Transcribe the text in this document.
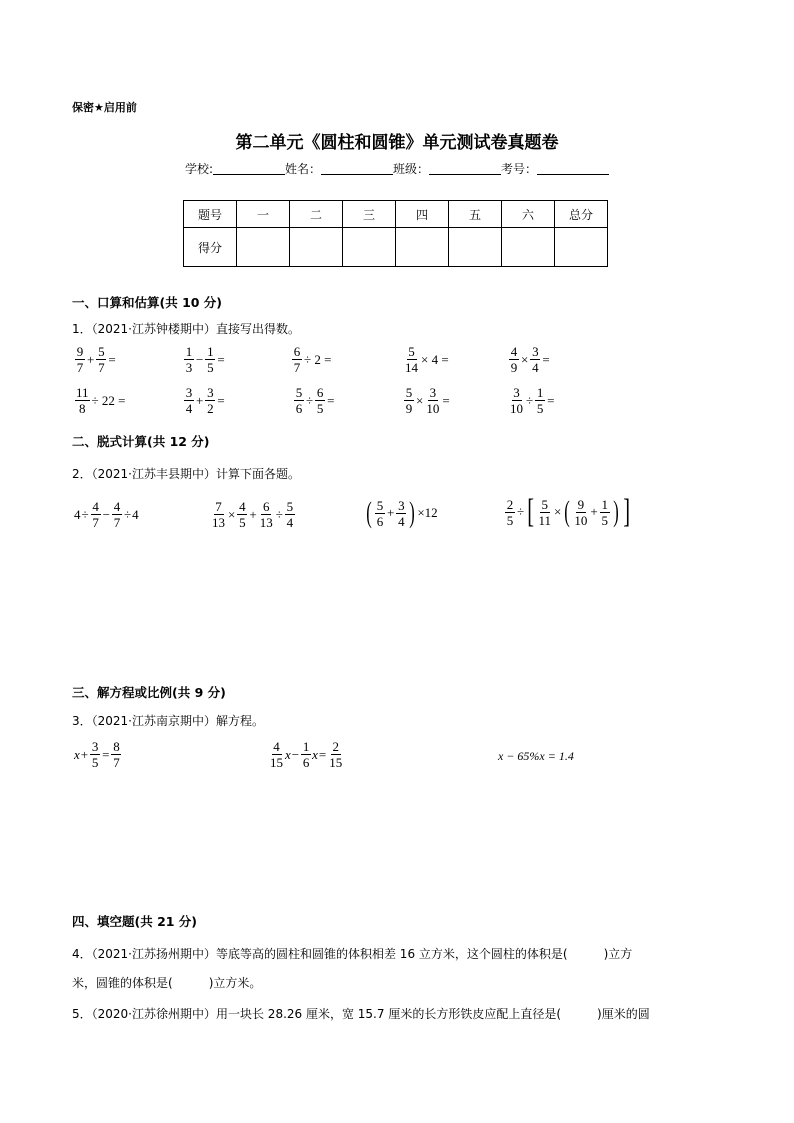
保密★启用前
第二单元《圆柱和圆锥》单元测试卷真题卷
学校:	姓名：	班级：	考号：
题号	一	二	三	四	五	六	总分
得分							
一、口算和估算(共 10 分)
1．（2021·江苏钟楼期中）直接写出得数。
9
7
+ $\frac{5}{7}$ =	1
3
− $\frac{1}{5}$ =	$\frac{6}{7} \div 2$ =	$\frac{5}{14} \times 4$ =	$\frac{4}{9} \times \frac{3}{4}$ =
$\frac{11}{8} \div 22$ =	3
4
+ $\frac{3}{2}$ =	$\frac{5}{6} \div \frac{6}{5}$ =	$\frac{5}{9} \times \frac{3}{10}$ =	$\frac{3}{10} \div \frac{1}{5}$ =
二、脱式计算(共 12 分)
2．（2021·江苏丰县期中）计算下面各题。
$4 \div \frac{4}{7} - \frac{4}{7} \div 4$	$\frac{7}{13} \times \frac{4}{5} + \frac{6}{13} \div \frac{5}{4}$ ( 5
6
+ $\frac{3}{4}$ ) ×12	$\frac{2}{5}$ ÷ [ $\frac{5}{11}$ × ( 9
10
+ $\frac{1}{5}$ ) ]
三、解方程或比例(共 9 分)
3．（2021·江苏南京期中）解方程。
$x + \frac{3}{5} = \frac{8}{7}$	4
15
$x - \frac{1}{6}$ $x = \frac{2}{15}$	x − 65%x = 1.4
四、填空题(共 21 分)
4．（2021·江苏扬州期中）等底等高的圆柱和圆锥的体积相差 16 立方米，这个圆柱的体积是(	)立方
米，圆锥的体积是(	)立方米。
5．（2020·江苏徐州期中）用一块长 28.26 厘米，宽 15.7 厘米的长方形铁皮应配上直径是(	)厘米的圆
